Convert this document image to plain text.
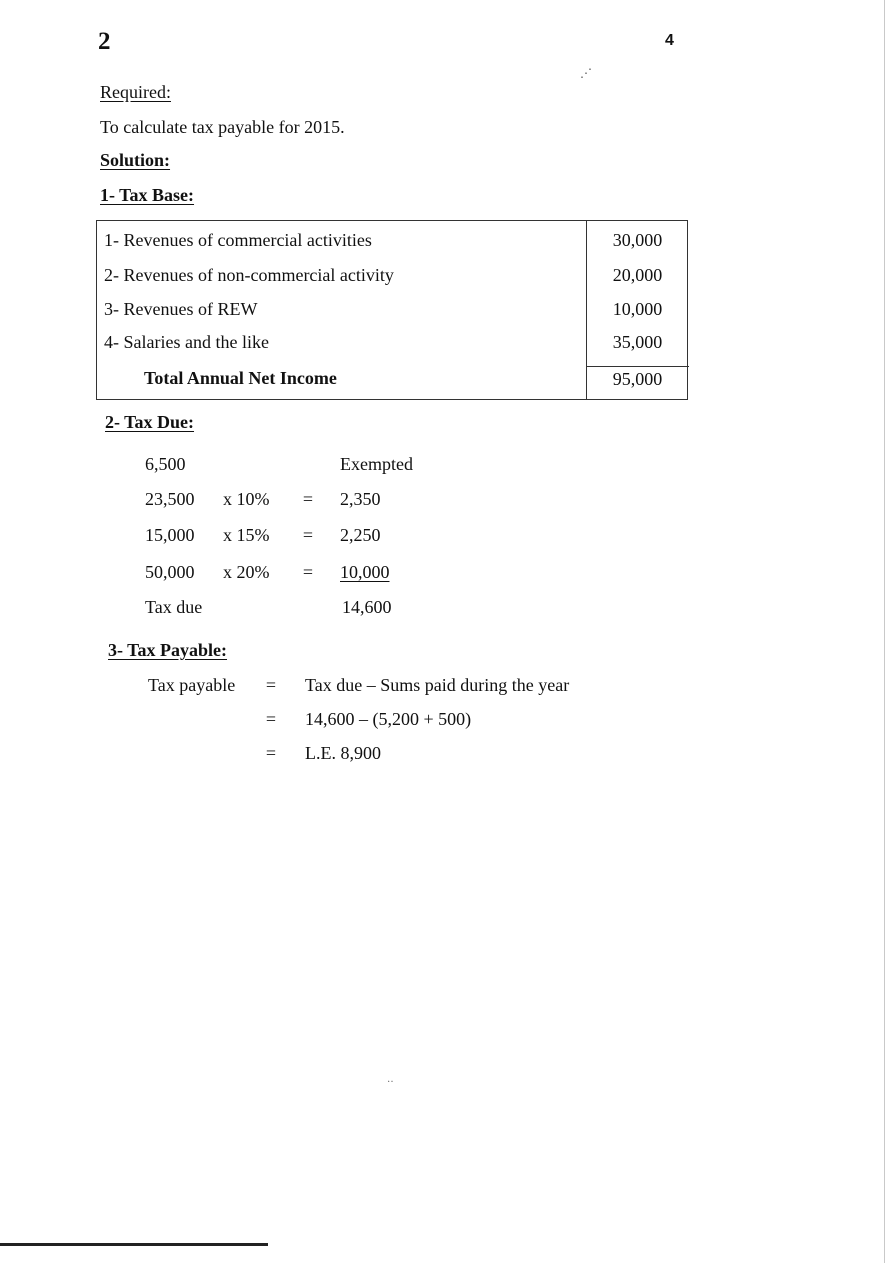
2	4
⋰
Required:
To calculate tax payable for 2015.
Solution:
1- Tax Base:
1- Revenues of commercial activities	30,000
2- Revenues of non-commercial activity	20,000
3- Revenues of REW	10,000
4- Salaries and the like	35,000
Total Annual Net Income	95,000
2- Tax Due:
6,500	Exempted
23,500 x 10% = 2,350
15,000 x 15% = 2,250
50,000 x 20% = 10,000
Tax due	14,600
3- Tax Payable:
Tax payable = Tax due – Sums paid during the year
= 14,600 – (5,200 + 500)
= L.E. 8,900
‥
